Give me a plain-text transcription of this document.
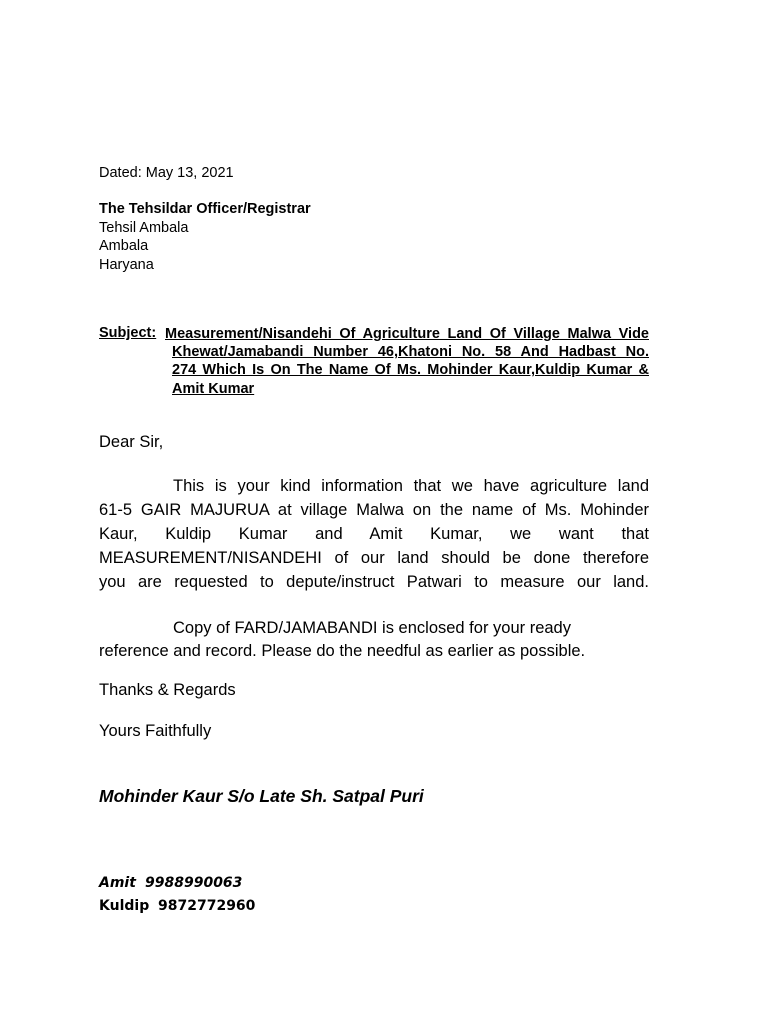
Dated: May 13, 2021
The Tehsildar Officer/Registrar
Tehsil Ambala
Ambala
Haryana
Subject: Measurement/Nisandehi Of Agriculture Land Of Village Malwa Vide
Khewat/Jamabandi Number 46,Khatoni No. 58 And Hadbast No.
274 Which Is On The Name Of Ms. Mohinder Kaur,Kuldip Kumar &
Amit Kumar
Dear Sir,
This is your kind information that we have agriculture land
61-5 GAIR MAJURUA at village Malwa on the name of Ms. Mohinder
Kaur, Kuldip Kumar and Amit Kumar, we want that
MEASUREMENT/NISANDEHI of our land should be done therefore
you are requested to depute/instruct Patwari to measure our land.
Copy of FARD/JAMABANDI is enclosed for your ready
reference and record. Please do the needful as earlier as possible.
Thanks & Regards
Yours Faithfully
Mohinder Kaur S/o Late Sh. Satpal Puri
Amit 9988990063
Kuldip 9872772960
